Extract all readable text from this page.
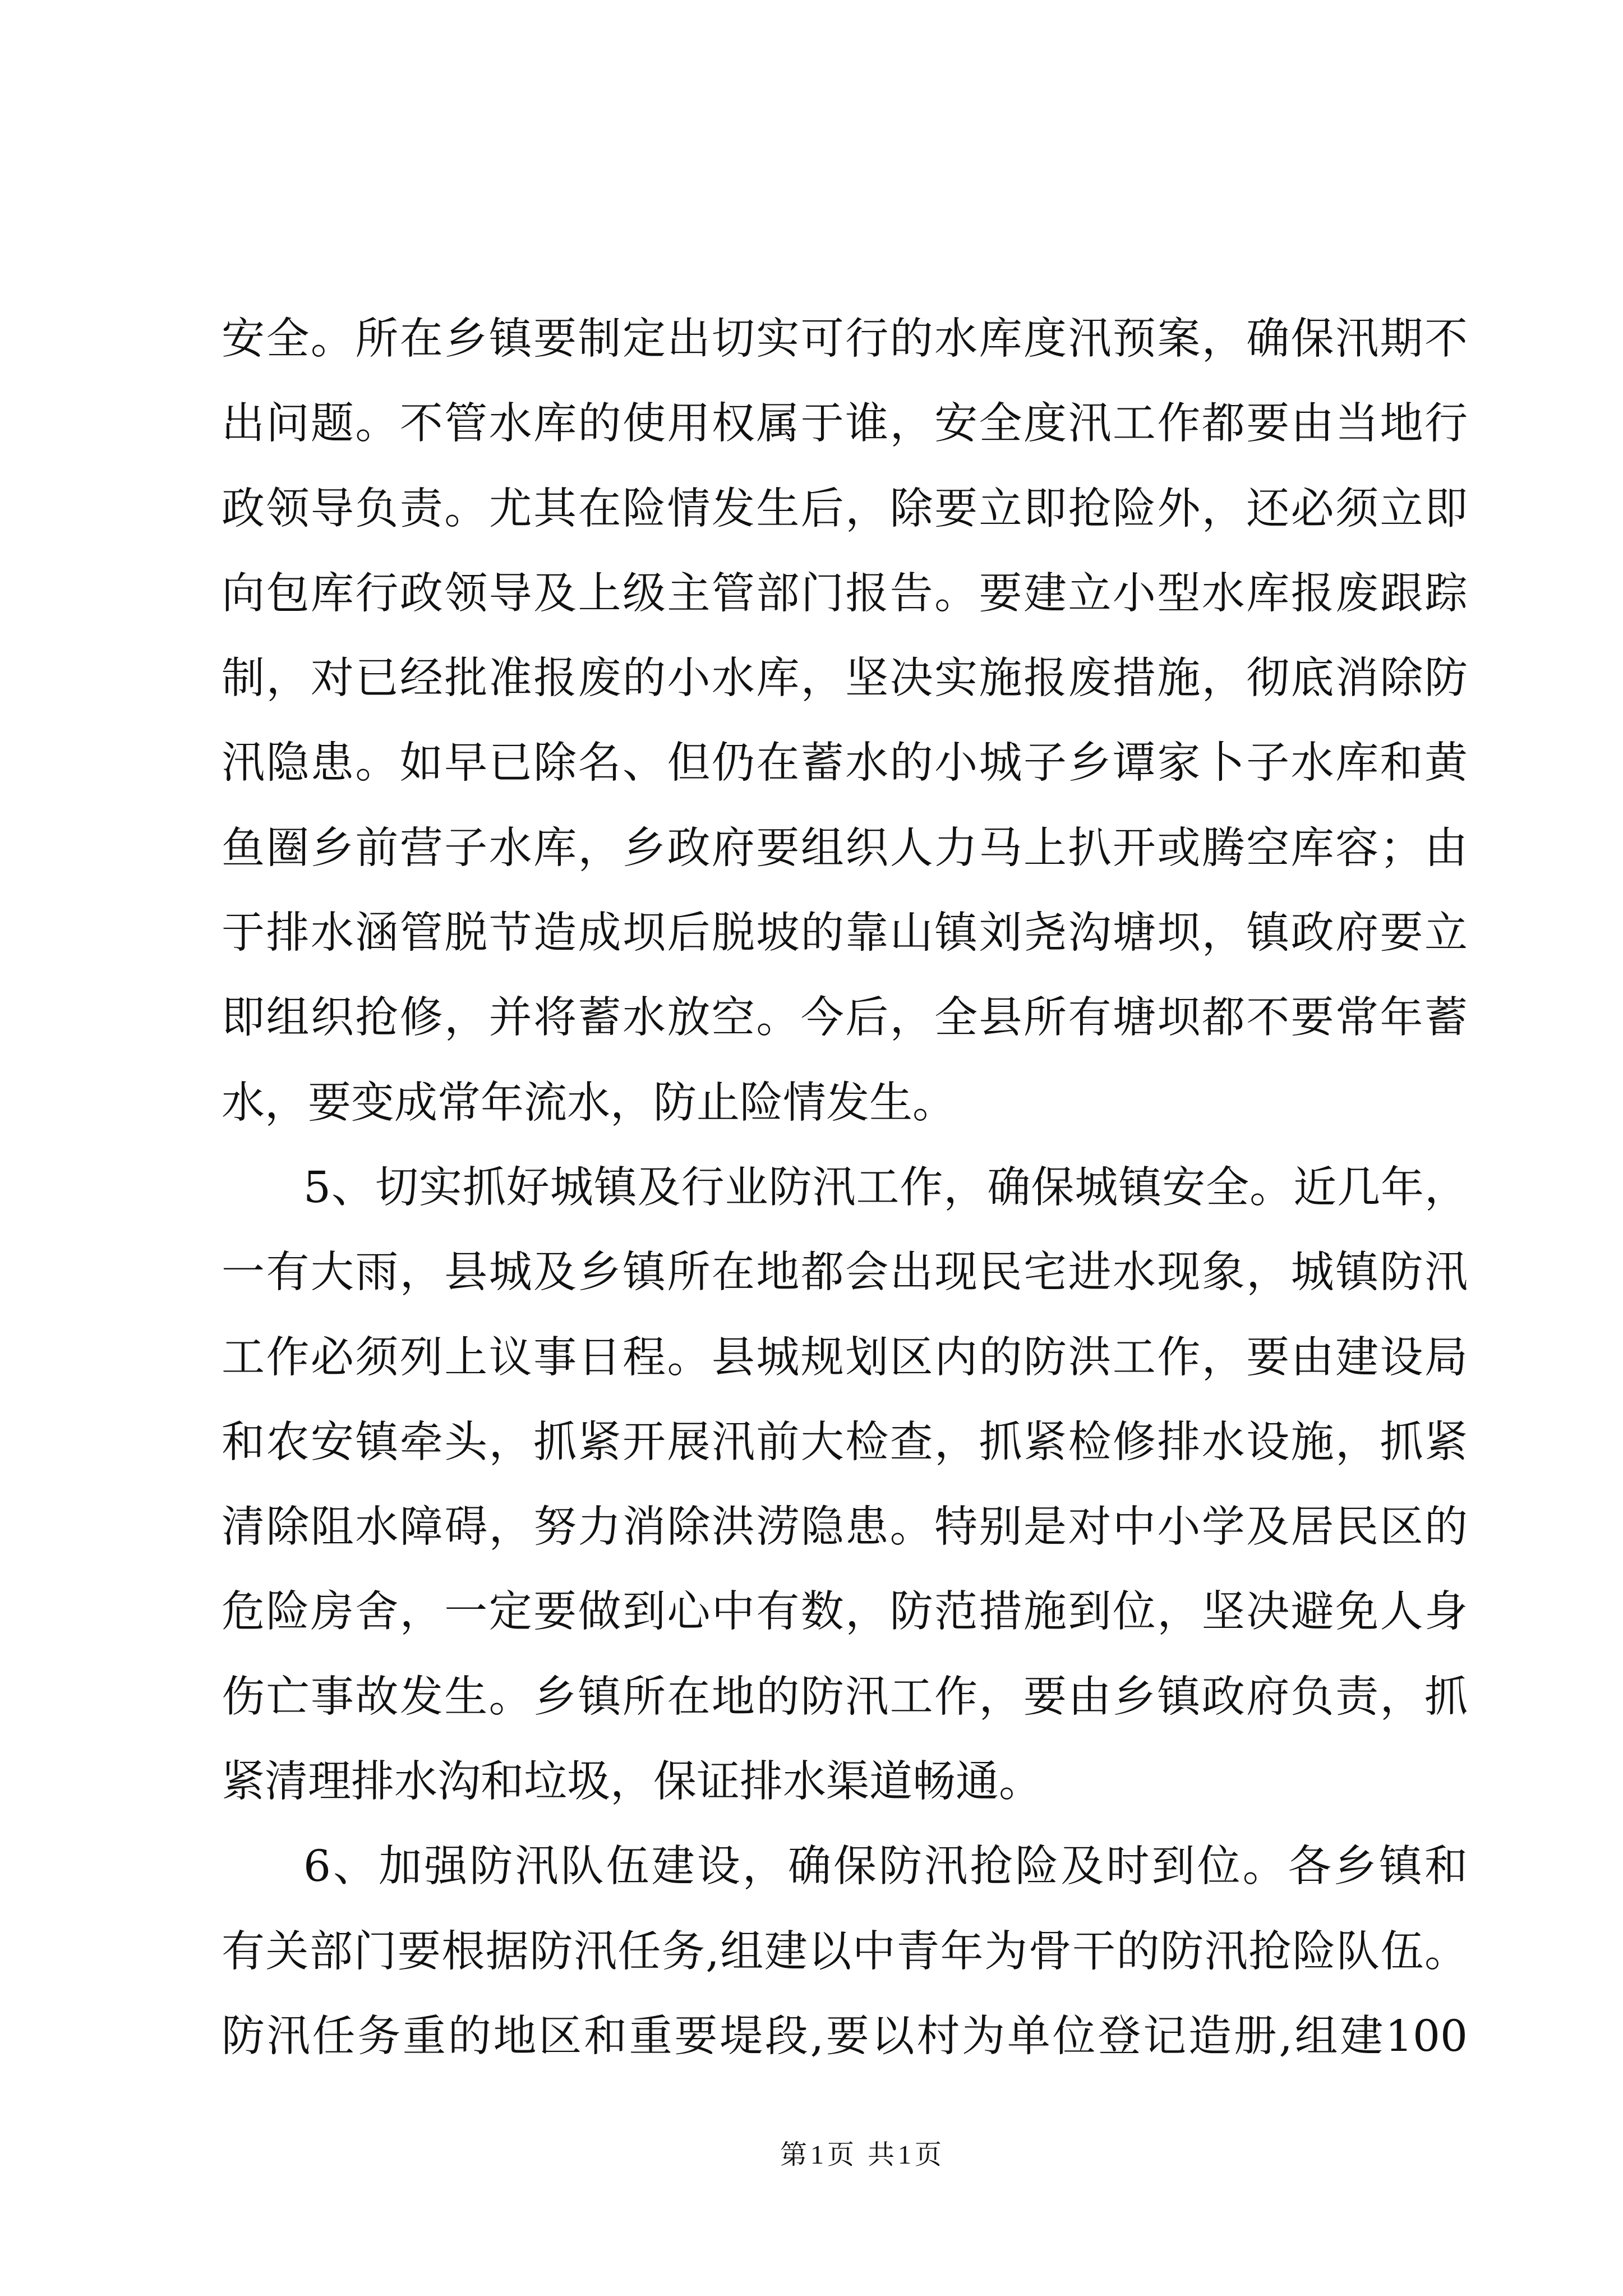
安全。所在乡镇要制定出切实可行的水库度汛预案，确保汛期不
出问题。不管水库的使用权属于谁，安全度汛工作都要由当地行
政领导负责。尤其在险情发生后，除要立即抢险外，还必须立即
向包库行政领导及上级主管部门报告。要建立小型水库报废跟踪
制，对已经批准报废的小水库，坚决实施报废措施，彻底消除防
汛隐患。如早已除名、但仍在蓄水的小城子乡谭家卜子水库和黄
鱼圈乡前营子水库，乡政府要组织人力马上扒开或腾空库容；由
于排水涵管脱节造成坝后脱坡的靠山镇刘尧沟塘坝，镇政府要立
即组织抢修，并将蓄水放空。今后，全县所有塘坝都不要常年蓄
水，要变成常年流水，防止险情发生。
5、切实抓好城镇及行业防汛工作，确保城镇安全。近几年，
一有大雨，县城及乡镇所在地都会出现民宅进水现象，城镇防汛
工作必须列上议事日程。县城规划区内的防洪工作，要由建设局
和农安镇牵头，抓紧开展汛前大检查，抓紧检修排水设施，抓紧
清除阻水障碍，努力消除洪涝隐患。特别是对中小学及居民区的
危险房舍，一定要做到心中有数，防范措施到位，坚决避免人身
伤亡事故发生。乡镇所在地的防汛工作，要由乡镇政府负责，抓
紧清理排水沟和垃圾，保证排水渠道畅通。
6、加强防汛队伍建设，确保防汛抢险及时到位。各乡镇和
有关部门要根据防汛任务,组建以中青年为骨干的防汛抢险队伍。
防汛任务重的地区和重要堤段,要以村为单位登记造册,组建100
第1页 共1页
